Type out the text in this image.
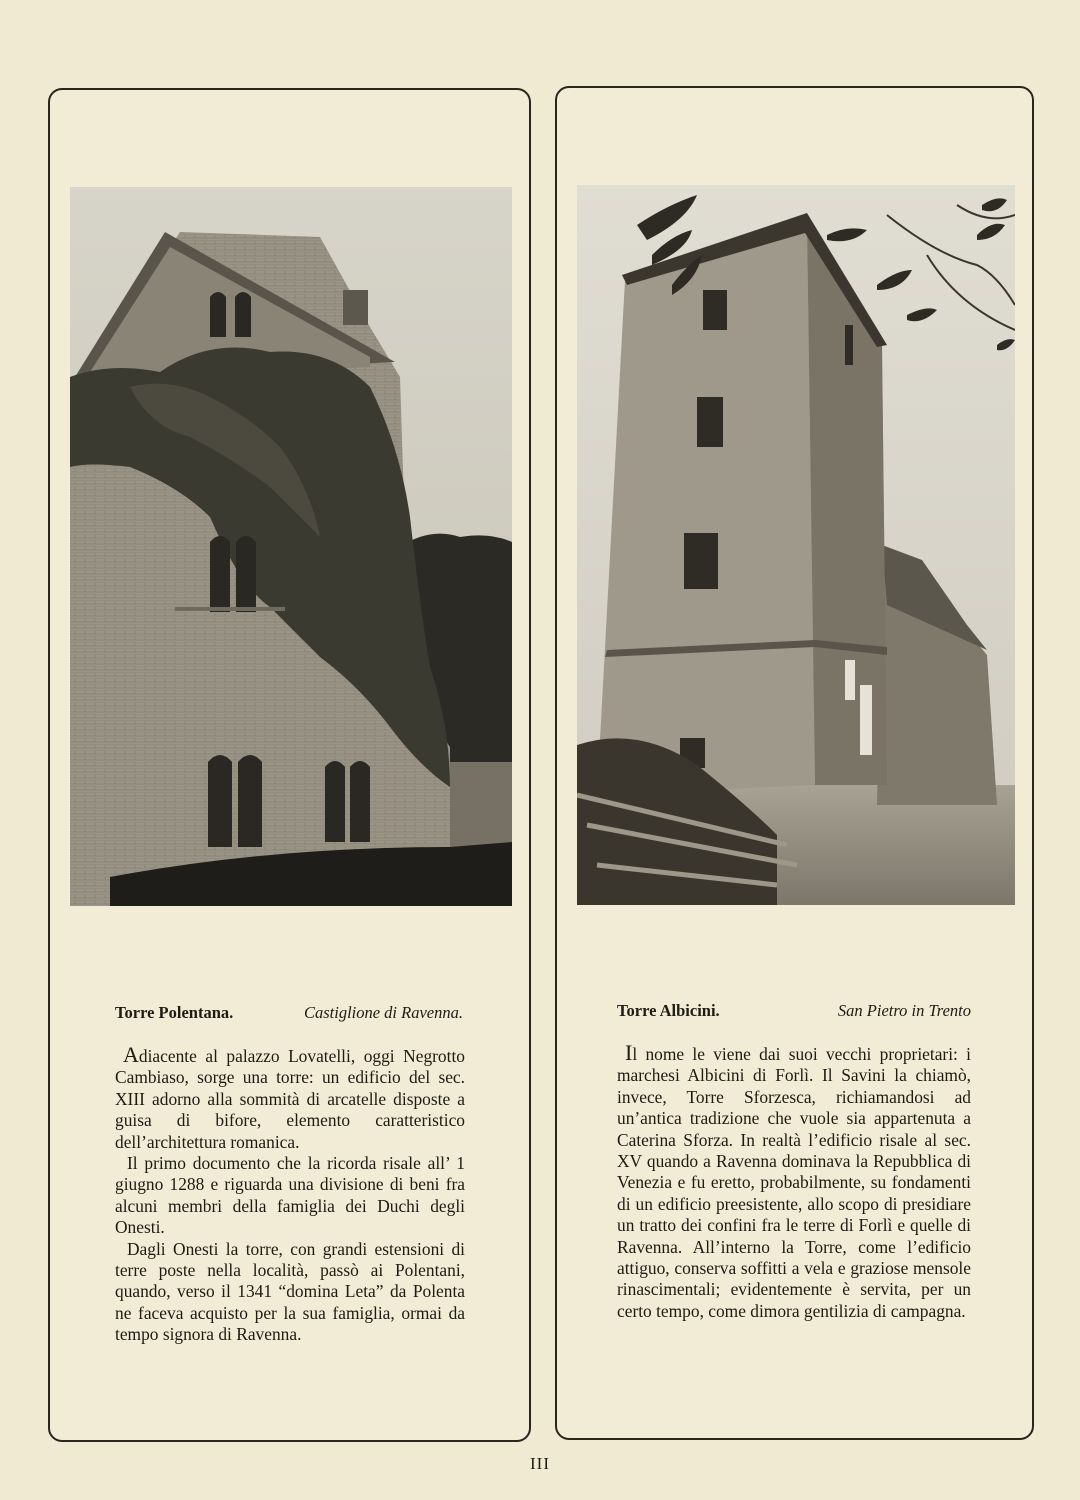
Torre Polentana.	Castiglione di Ravenna.

Adiacente al palazzo Lovatelli, oggi Negrotto Cambiaso, sorge una torre: un edificio del sec. XIII adorno alla sommità di arcatelle disposte a guisa di bifore, elemento caratteristico dell’architettura romanica.

Il primo documento che la ricorda risale all’ 1 giugno 1288 e riguarda una divisione di beni fra alcuni membri della famiglia dei Duchi degli Onesti.

Dagli Onesti la torre, con grandi estensioni di terre poste nella località, passò ai Polentani, quando, verso il 1341 “domina Leta” da Polenta ne faceva acquisto per la sua famiglia, ormai da tempo signora di Ravenna.

Torre Albicini.	San Pietro in Trento

Il nome le viene dai suoi vecchi proprietari: i marchesi Albicini di Forlì. Il Savini la chiamò, invece, Torre Sforzesca, richiamandosi ad un’antica tradizione che vuole sia appartenuta a Caterina Sforza. In realtà l’edificio risale al sec. XV quando a Ravenna dominava la Repubblica di Venezia e fu eretto, probabilmente, su fondamenti di un edificio preesistente, allo scopo di presidiare un tratto dei confini fra le terre di Forlì e quelle di Ravenna. All’interno la Torre, come l’edificio attiguo, conserva soffitti a vela e graziose mensole rinascimentali; evidentemente è servita, per un certo tempo, come dimora gentilizia di campagna.

III
